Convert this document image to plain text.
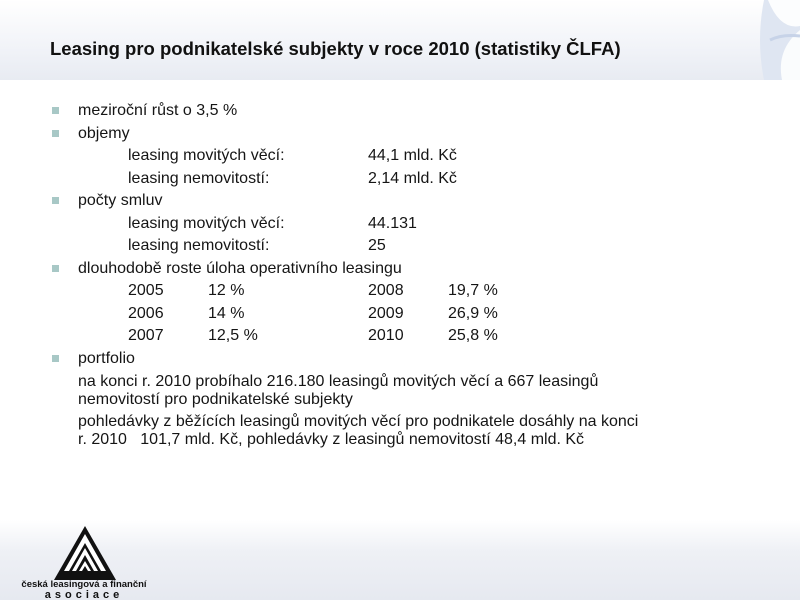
Leasing pro podnikatelské subjekty v roce 2010 (statistiky ČLFA)
meziroční růst o 3,5 %
objemy
leasing movitých věcí:	44,1 mld. Kč
leasing nemovitostí:	2,14 mld. Kč
počty smluv
leasing movitých věcí:	44.131
leasing nemovitostí:	25
dlouhodobě roste úloha operativního leasingu
2005	12 %	2008	19,7 %
2006	14 %	2009	26,9 %
2007	12,5 %	2010	25,8 %
portfolio
na konci r. 2010 probíhalo 216.180 leasingů movitých věcí a 667 leasingů
nemovitostí pro podnikatelské subjekty
pohledávky z běžících leasingů movitých věcí pro podnikatele dosáhly na konci
r. 2010   101,7 mld. Kč, pohledávky z leasingů nemovitostí 48,4 mld. Kč
česká leasingová a finanční
asociace
